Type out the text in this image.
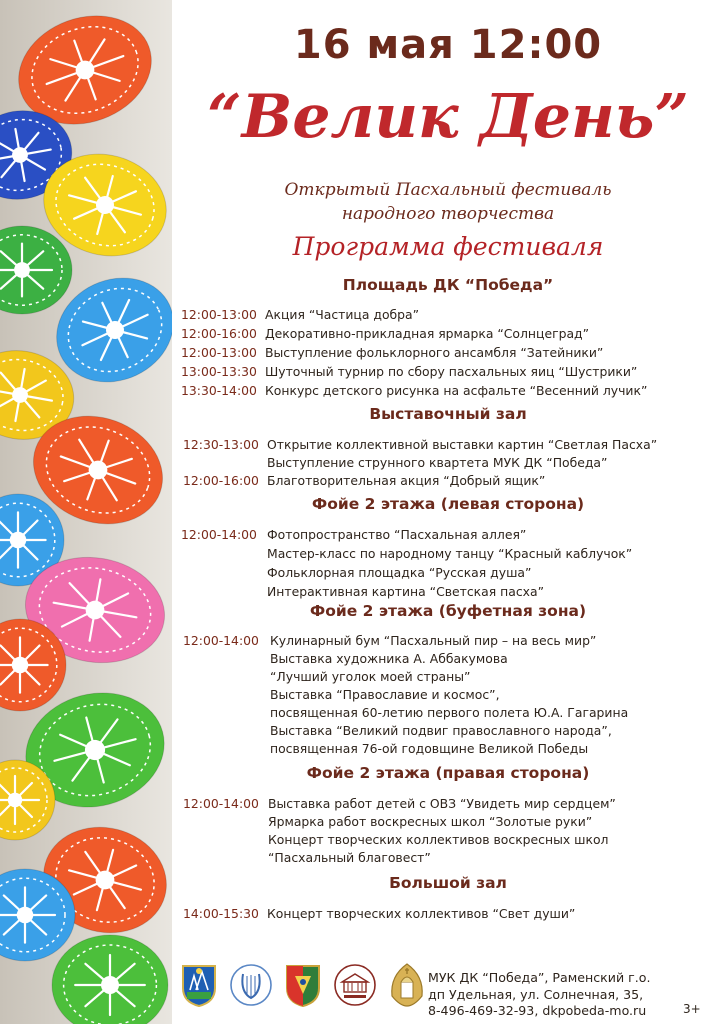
16 мая 12:00
“Велик День”
Открытый Пасхальный фестиваль
народного творчества
Программа фестиваля
Площадь ДК “Победа”
12:00-13:00 Акция “Частица добра”
12:00-16:00 Декоративно-прикладная ярмарка “Солнцеград”
12:00-13:00 Выступление фольклорного ансамбля “Затейники”
13:00-13:30 Шуточный турнир по сбору пасхальных яиц “Шустрики”
13:30-14:00 Конкурс детского рисунка на асфальте “Весенний лучик”
Выставочный зал
12:30-13:00 Открытие коллективной выставки картин “Светлая Пасха”
Выступление струнного квартета МУК ДК “Победа”
12:00-16:00 Благотворительная акция “Добрый ящик”
Фойе 2 этажа (левая сторона)
12:00-14:00 Фотопространство “Пасхальная аллея”
Мастер-класс по народному танцу “Красный каблучок”
Фольклорная площадка “Русская душа”
Интерактивная картина “Светская пасха”
Фойе 2 этажа (буфетная зона)
12:00-14:00 Кулинарный бум “Пасхальный пир – на весь мир”
Выставка художника А. Аббакумова
“Лучший уголок моей страны”
Выставка “Православие и космос”,
посвященная 60-летию первого полета Ю.А. Гагарина
Выставка “Великий подвиг православного народа”,
посвященная 76-ой годовщине Великой Победы
Фойе 2 этажа (правая сторона)
12:00-14:00 Выставка работ детей с ОВЗ “Увидеть мир сердцем”
Ярмарка работ воскресных школ “Золотые руки”
Концерт творческих коллективов воскресных школ
“Пасхальный благовест”
Большой зал
14:00-15:30 Концерт творческих коллективов “Свет души”
МУК ДК “Победа”, Раменский г.о.
дп Удельная, ул. Солнечная, 35,
8-496-469-32-93, dkpobeda-mo.ru	3+
